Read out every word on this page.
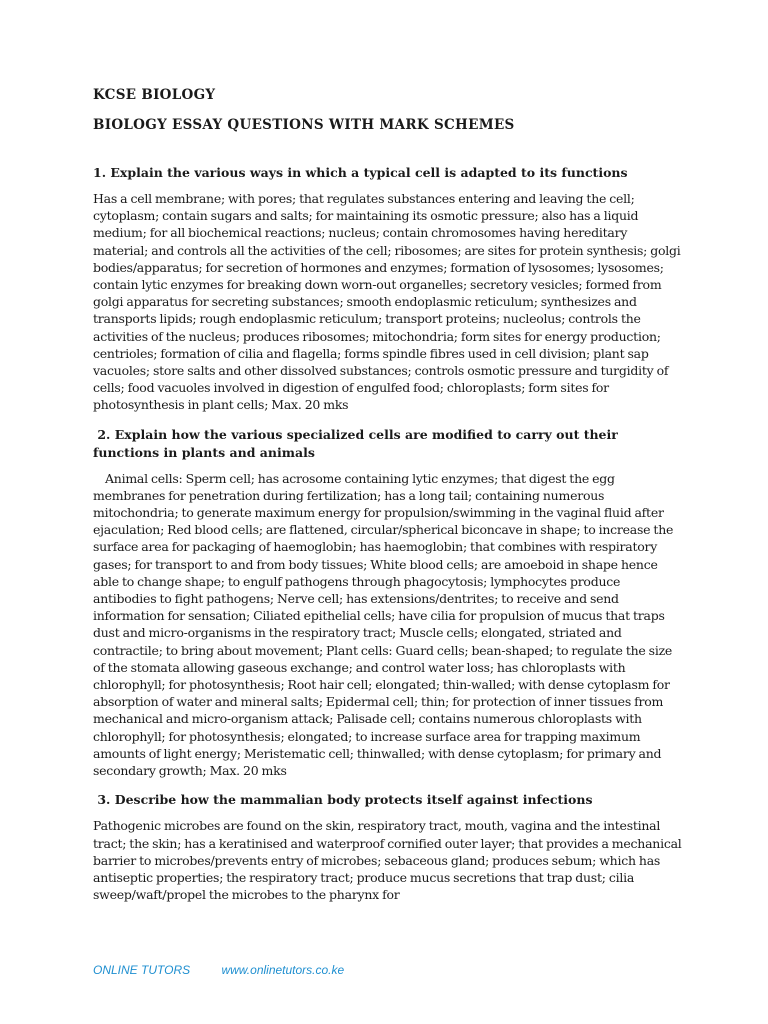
KCSE BIOLOGY
BIOLOGY ESSAY QUESTIONS WITH MARK SCHEMES

1. Explain the various ways in which a typical cell is adapted to its functions

Has a cell membrane; with pores; that regulates substances entering and leaving the cell; cytoplasm; contain sugars and salts; for maintaining its osmotic pressure; also has a liquid medium; for all biochemical reactions; nucleus; contain chromosomes having hereditary material; and controls all the activities of the cell; ribosomes; are sites for protein synthesis; golgi bodies/apparatus; for secretion of hormones and enzymes; formation of lysosomes; lysosomes; contain lytic enzymes for breaking down worn-out organelles; secretory vesicles; formed from golgi apparatus for secreting substances; smooth endoplasmic reticulum; synthesizes and transports lipids; rough endoplasmic reticulum; transport proteins; nucleolus; controls the activities of the nucleus; produces ribosomes; mitochondria; form sites for energy production; centrioles; formation of cilia and flagella; forms spindle fibres used in cell division; plant sap vacuoles; store salts and other dissolved substances; controls osmotic pressure and turgidity of cells; food vacuoles involved in digestion of engulfed food; chloroplasts; form sites for photosynthesis in plant cells; Max. 20 mks

2. Explain how the various specialized cells are modified to carry out their functions in plants and animals

Animal cells: Sperm cell; has acrosome containing lytic enzymes; that digest the egg membranes for penetration during fertilization; has a long tail; containing numerous mitochondria; to generate maximum energy for propulsion/swimming in the vaginal fluid after ejaculation; Red blood cells; are flattened, circular/spherical biconcave in shape; to increase the surface area for packaging of haemoglobin; has haemoglobin; that combines with respiratory gases; for transport to and from body tissues; White blood cells; are amoeboid in shape hence able to change shape; to engulf pathogens through phagocytosis; lymphocytes produce antibodies to fight pathogens; Nerve cell; has extensions/dentrites; to receive and send information for sensation; Ciliated epithelial cells; have cilia for propulsion of mucus that traps dust and micro-organisms in the respiratory tract; Muscle cells; elongated, striated and contractile; to bring about movement; Plant cells: Guard cells; bean-shaped; to regulate the size of the stomata allowing gaseous exchange; and control water loss; has chloroplasts with chlorophyll; for photosynthesis; Root hair cell; elongated; thin-walled; with dense cytoplasm for absorption of water and mineral salts; Epidermal cell; thin; for protection of inner tissues from mechanical and micro-organism attack; Palisade cell; contains numerous chloroplasts with chlorophyll; for photosynthesis; elongated; to increase surface area for trapping maximum amounts of light energy; Meristematic cell; thinwalled; with dense cytoplasm; for primary and secondary growth; Max. 20 mks

3. Describe how the mammalian body protects itself against infections

Pathogenic microbes are found on the skin, respiratory tract, mouth, vagina and the intestinal tract; the skin; has a keratinised and waterproof cornified outer layer; that provides a mechanical barrier to microbes/prevents entry of microbes; sebaceous gland; produces sebum; which has antiseptic properties; the respiratory tract; produce mucus secretions that trap dust; cilia sweep/waft/propel the microbes to the pharynx for

ONLINE TUTORS	www.onlinetutors.co.ke
